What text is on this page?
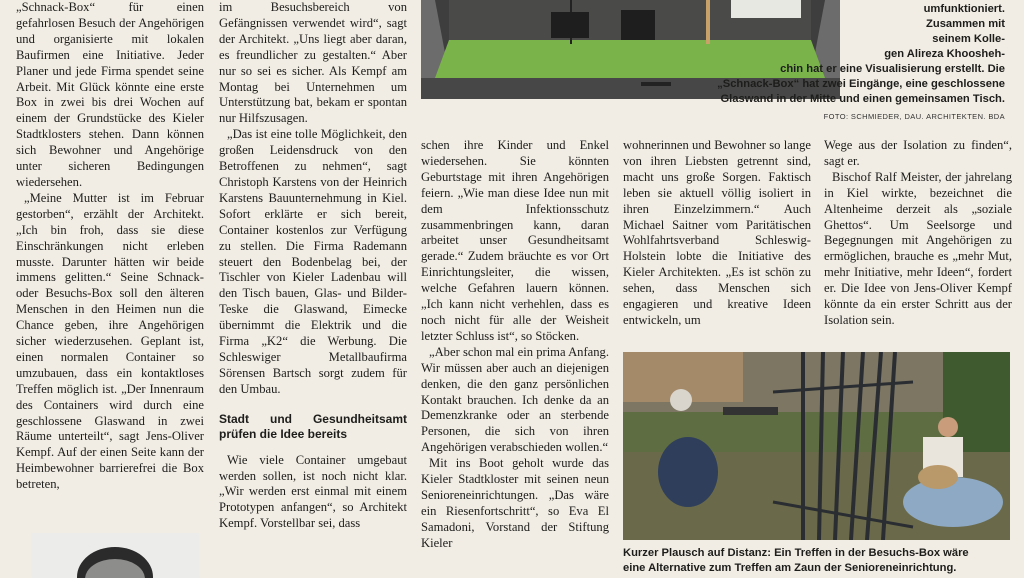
„Schnack-Box“ für einen gefahrlosen Besuch der Angehörigen und organisierte mit lokalen Baufirmen eine Initiative. Jeder Planer und jede Firma spendet seine Arbeit. Mit Glück könnte eine erste Box in zwei bis drei Wochen auf einem der Grundstücke des Kieler Stadtklosters stehen. Dann können sich Bewohner und Angehörige unter sicheren Bedingungen wiedersehen.

„Meine Mutter ist im Februar gestorben“, erzählt der Architekt. „Ich bin froh, dass sie diese Einschränkungen nicht erleben musste. Darunter hätten wir beide immens gelitten.“ Seine Schnack- oder Besuchs-Box soll den älteren Menschen in den Heimen nun die Chance geben, ihre Angehörigen sicher wiederzusehen. Geplant ist, einen normalen Container so umzubauen, dass ein kontaktloses Treffen möglich ist. „Der Innenraum des Containers wird durch eine geschlossene Glaswand in zwei Räume unterteilt“, sagt Jens-Oliver Kempf. Auf der einen Seite kann der Heimbewohner barrierefrei die Box betreten,

im Besuchsbereich von Gefängnissen verwendet wird“, sagt der Architekt. „Uns liegt aber daran, es freundlicher zu gestalten.“ Aber nur so sei es sicher. Als Kempf am Montag bei Unternehmen um Unterstützung bat, bekam er spontan nur Hilfszusagen.

„Das ist eine tolle Möglichkeit, den großen Leidensdruck von den Betroffenen zu nehmen“, sagt Christoph Karstens von der Heinrich Karstens Bauunternehmung in Kiel. Sofort erklärte er sich bereit, Container kostenlos zur Verfügung zu stellen. Die Firma Rademann steuert den Bodenbelag bei, der Tischler von Kieler Ladenbau will den Tisch bauen, Glas- und Bilder-Teske die Glaswand, Eimecke übernimmt die Elektrik und die Firma „K2“ die Werbung. Die Schleswiger Metallbaufirma Sörensen Bartsch sorgt zudem für den Umbau.

Stadt und Gesundheitsamt prüfen die Idee bereits

Wie viele Container umgebaut werden sollen, ist noch nicht klar. „Wir werden erst einmal mit einem Prototypen anfangen“, so Architekt Kempf. Vorstellbar sei, dass

umfunktioniert.
Zusammen mit
seinem Kolle-
gen Alireza Khoosheh-
chin hat er eine Visualisierung erstellt. Die
„Schnack-Box“ hat zwei Eingänge, eine geschlossene
Glaswand in der Mitte und einen gemeinsamen Tisch.
FOTO: SCHMIEDER, DAU. ARCHITEKTEN. BDA

schen ihre Kinder und Enkel wiedersehen. Sie könnten Geburtstage mit ihren Angehörigen feiern. „Wie man diese Idee nun mit dem Infektionsschutz zusammenbringen kann, daran arbeitet unser Gesundheitsamt gerade.“ Zudem bräuchte es vor Ort Einrichtungsleiter, die wissen, welche Gefahren lauern können. „Ich kann nicht verhehlen, dass es noch nicht für alle der Weisheit letzter Schluss ist“, so Stöcken.

„Aber schon mal ein prima Anfang. Wir müssen aber auch an diejenigen denken, die den ganz persönlichen Kontakt brauchen. Ich denke da an Demenzkranke oder an sterbende Personen, die sich von ihren Angehörigen verabschieden wollen.“

Mit ins Boot geholt wurde das Kieler Stadtkloster mit seinen neun Senioreneinrichtungen. „Das wäre ein Riesenfortschritt“, so Eva El Samadoni, Vorstand der Stiftung Kieler

wohnerinnen und Bewohner so lange von ihren Liebsten getrennt sind, macht uns große Sorgen. Faktisch leben sie aktuell völlig isoliert in ihren Einzelzimmern.“ Auch Michael Saitner vom Paritätischen Wohlfahrtsverband Schleswig-Holstein lobte die Initiative des Kieler Architekten. „Es ist schön zu sehen, dass Menschen sich engagieren und kreative Ideen entwickeln, um

Wege aus der Isolation zu finden“, sagt er.

Bischof Ralf Meister, der jahrelang in Kiel wirkte, bezeichnet die Altenheime derzeit als „soziale Ghettos“. Um Seelsorge und Begegnungen mit Angehörigen zu ermöglichen, brauche es „mehr Mut, mehr Initiative, mehr Ideen“, fordert er. Die Idee von Jens-Oliver Kempf könnte da ein erster Schritt aus der Isolation sein.

Kurzer Plausch auf Distanz: Ein Treffen in der Besuchs-Box wäre
eine Alternative zum Treffen am Zaun der Senioreneinrichtung.
